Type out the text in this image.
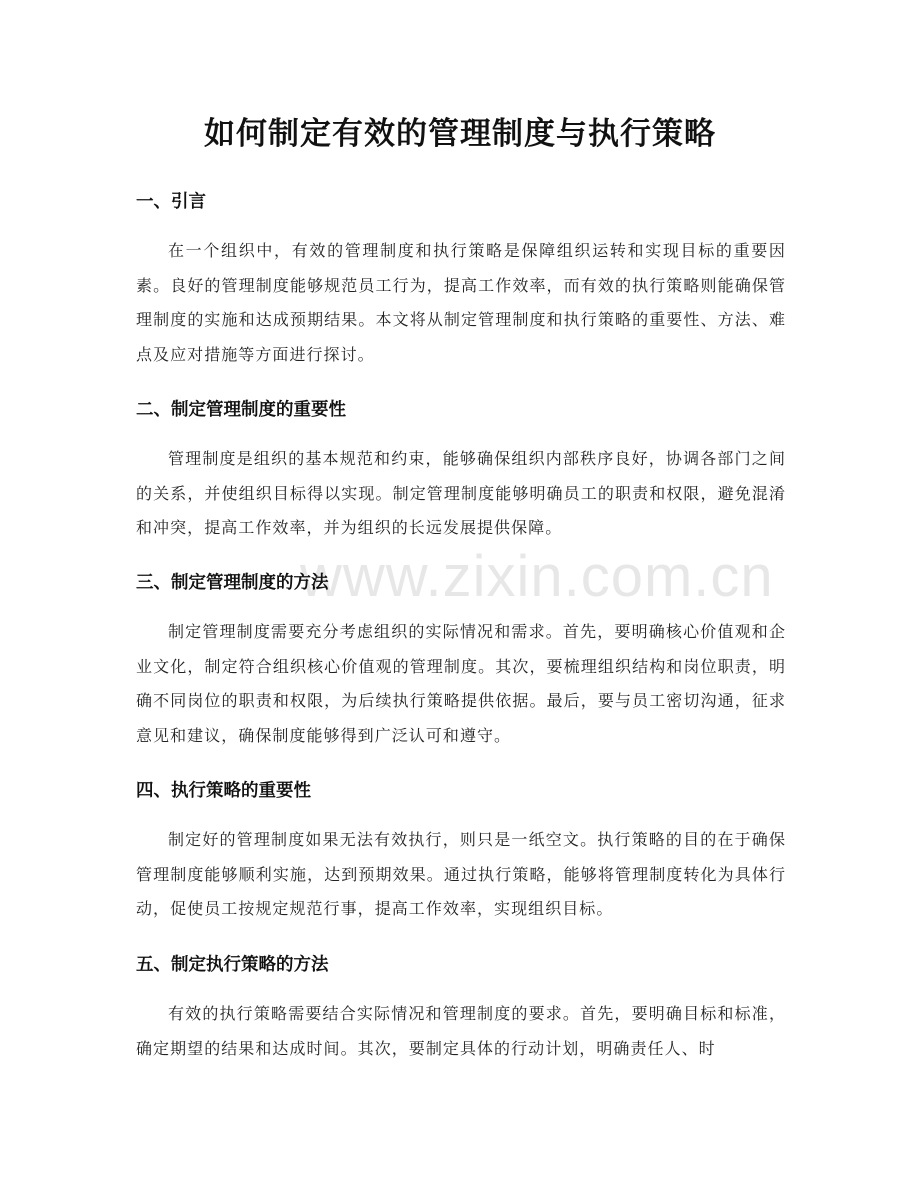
如何制定有效的管理制度与执行策略
www.zixin.com.cn
一、引言

在一个组织中，有效的管理制度和执行策略是保障组织运转和实现目标的重要因素。良好的管理制度能够规范员工行为，提高工作效率，而有效的执行策略则能确保管理制度的实施和达成预期结果。本文将从制定管理制度和执行策略的重要性、方法、难点及应对措施等方面进行探讨。

二、制定管理制度的重要性

管理制度是组织的基本规范和约束，能够确保组织内部秩序良好，协调各部门之间的关系，并使组织目标得以实现。制定管理制度能够明确员工的职责和权限，避免混淆和冲突，提高工作效率，并为组织的长远发展提供保障。

三、制定管理制度的方法

制定管理制度需要充分考虑组织的实际情况和需求。首先，要明确核心价值观和企业文化，制定符合组织核心价值观的管理制度。其次，要梳理组织结构和岗位职责，明确不同岗位的职责和权限，为后续执行策略提供依据。最后，要与员工密切沟通，征求意见和建议，确保制度能够得到广泛认可和遵守。

四、执行策略的重要性

制定好的管理制度如果无法有效执行，则只是一纸空文。执行策略的目的在于确保管理制度能够顺利实施，达到预期效果。通过执行策略，能够将管理制度转化为具体行动，促使员工按规定规范行事，提高工作效率，实现组织目标。

五、制定执行策略的方法

有效的执行策略需要结合实际情况和管理制度的要求。首先，要明确目标和标准，确定期望的结果和达成时间。其次，要制定具体的行动计划，明确责任人、时
